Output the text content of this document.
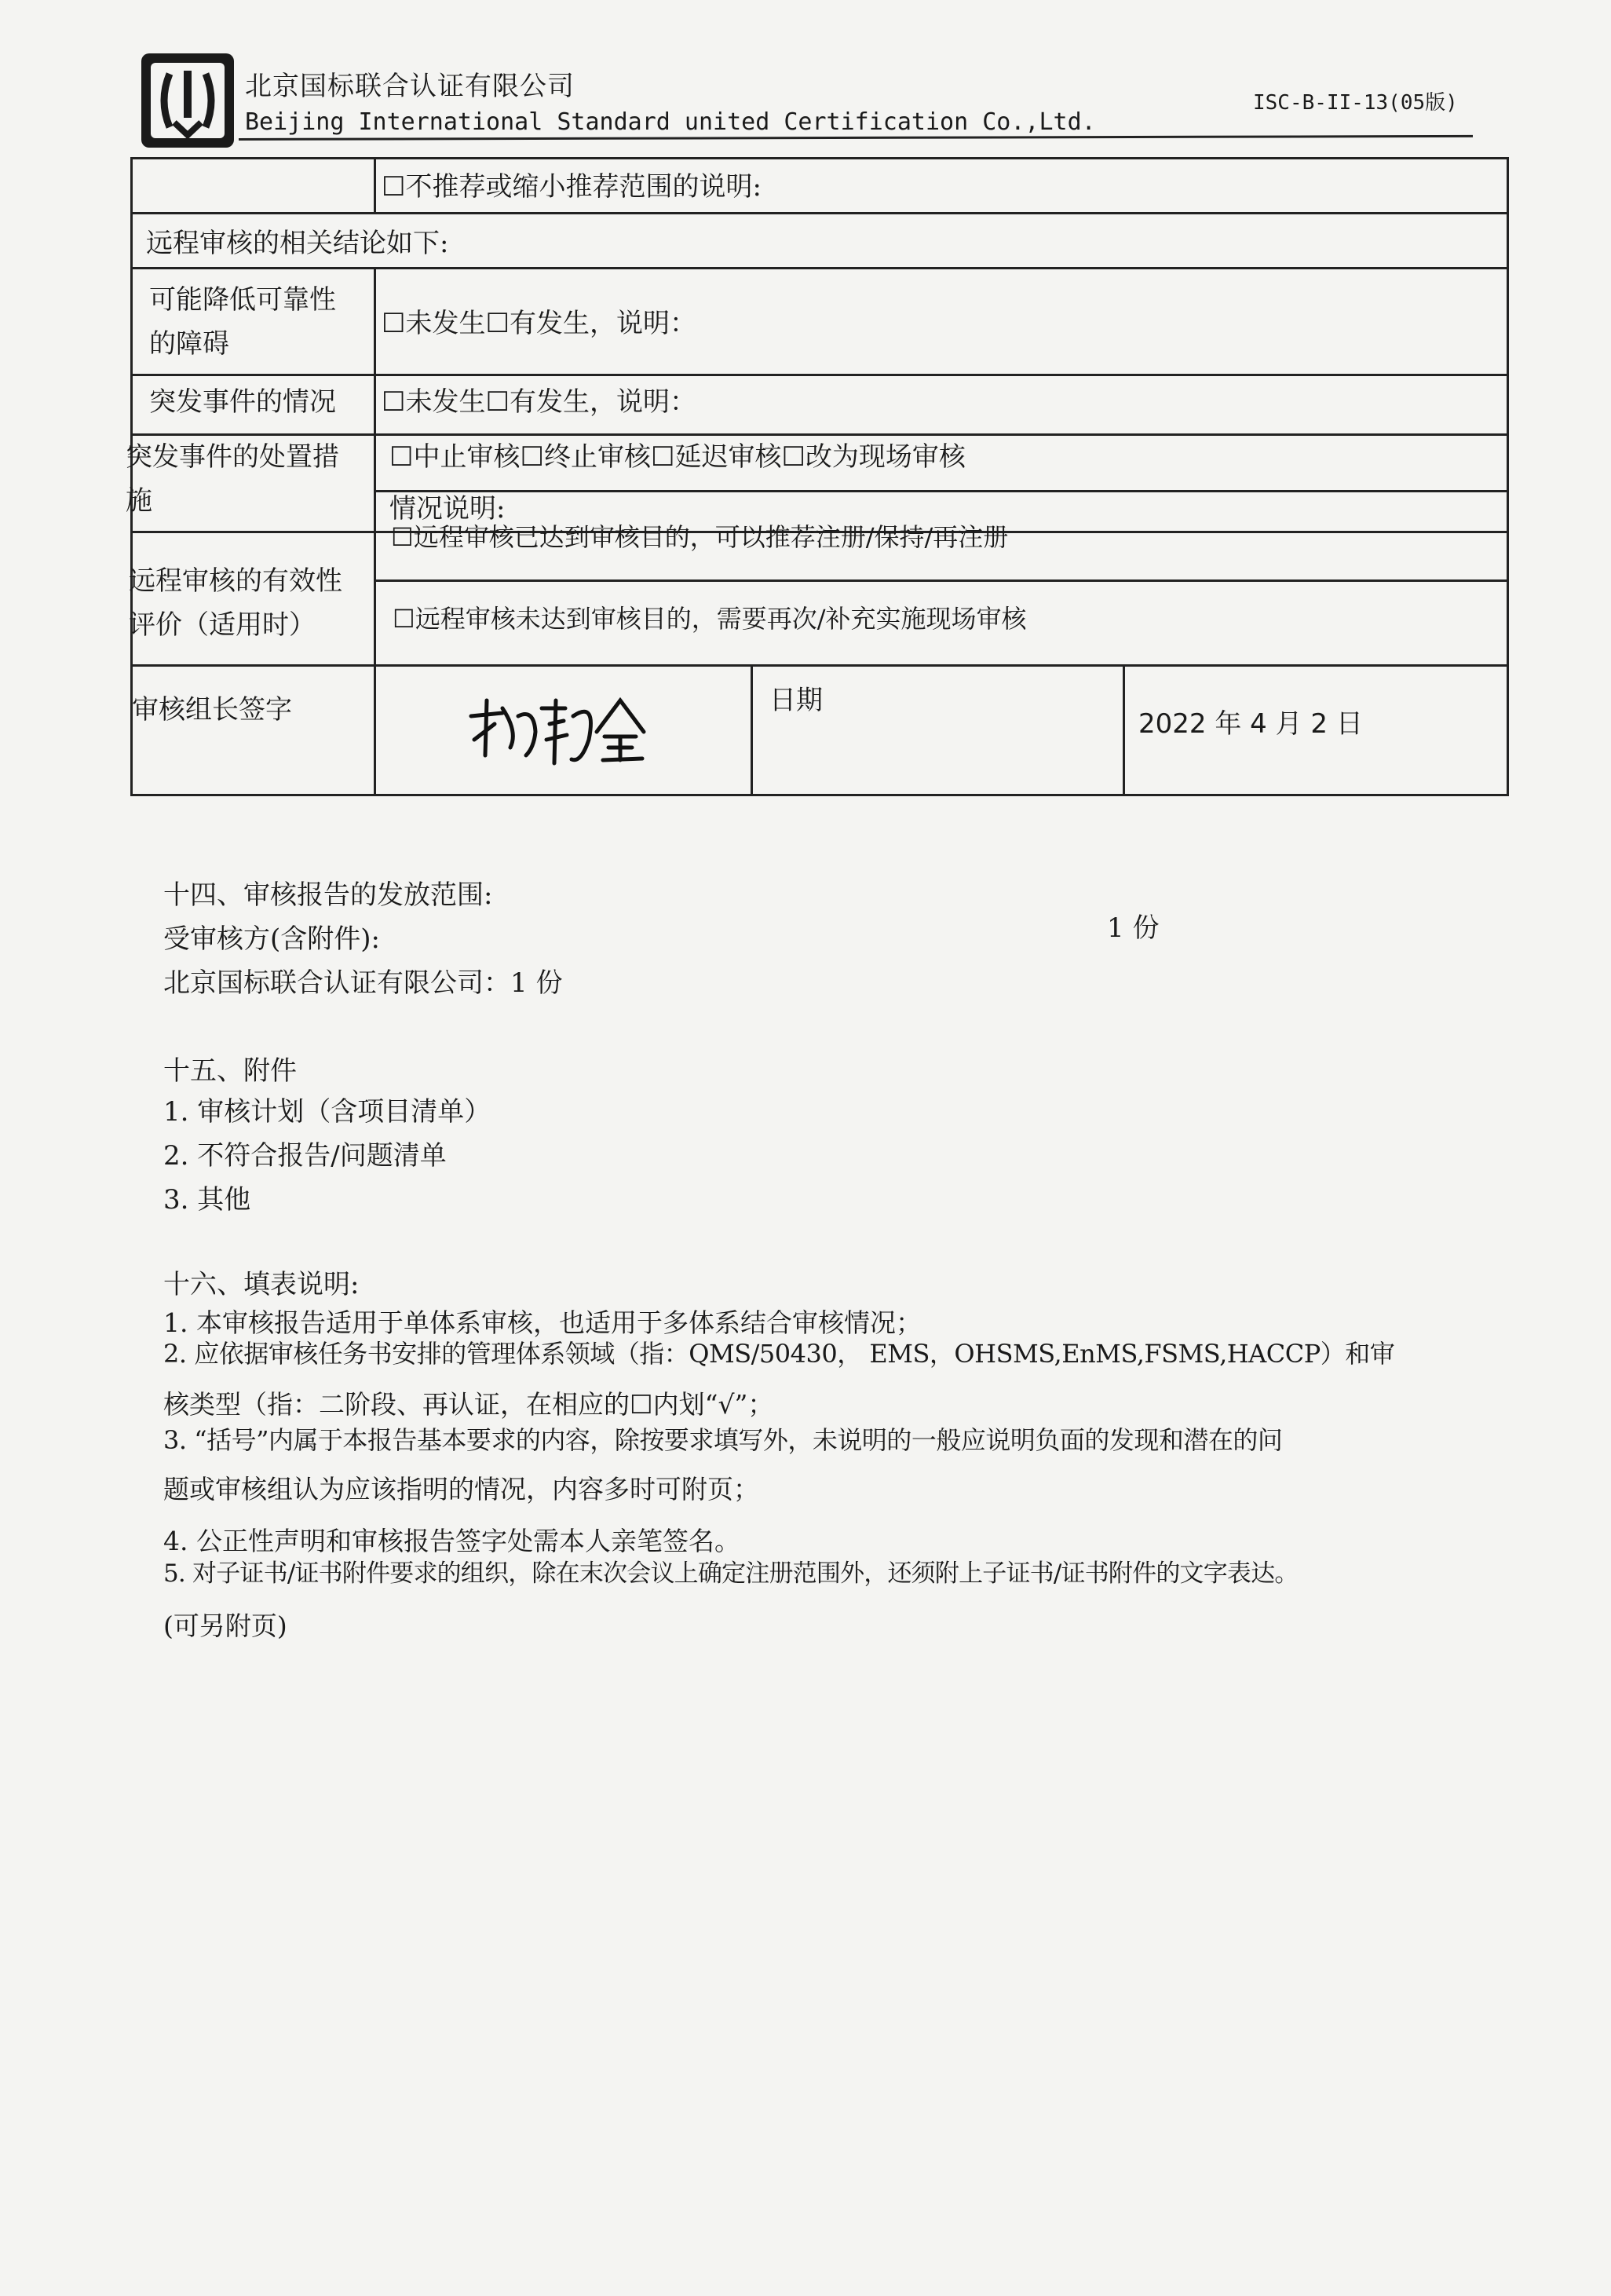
北京国标联合认证有限公司
Beijing International Standard united Certification Co.,Ltd.
ISC-B-II-13(05版)
☐不推荐或缩小推荐范围的说明:
远程审核的相关结论如下:
可能降低可靠性
的障碍
☐未发生☐有发生，说明：
突发事件的情况 ☐未发生☐有发生，说明：
突发事件的处置措
施
☐中止审核☐终止审核☐延迟审核☐改为现场审核
情况说明:
远程审核的有效性
评价（适用时）
☐远程审核已达到审核目的，可以推荐注册/保持/再注册
☐远程审核未达到审核目的，需要再次/补充实施现场审核
审核组长签字	日期
2022 年 4 月 2 日
十四、审核报告的发放范围:
受审核方(含附件):	1 份
北京国标联合认证有限公司：1 份
十五、附件
1. 审核计划（含项目清单）
2. 不符合报告/问题清单
3. 其他
十六、填表说明:
1. 本审核报告适用于单体系审核，也适用于多体系结合审核情况；
2. 应依据审核任务书安排的管理体系领域（指：QMS/50430， EMS，OHSMS,EnMS,FSMS,HACCP）和审
核类型（指：二阶段、再认证，在相应的☐内划“√”；
3. “括号”内属于本报告基本要求的内容，除按要求填写外，未说明的一般应说明负面的发现和潜在的问
题或审核组认为应该指明的情况，内容多时可附页；
4. 公正性声明和审核报告签字处需本人亲笔签名。
5. 对子证书/证书附件要求的组织，除在末次会议上确定注册范围外，还须附上子证书/证书附件的文字表达。
(可另附页)
